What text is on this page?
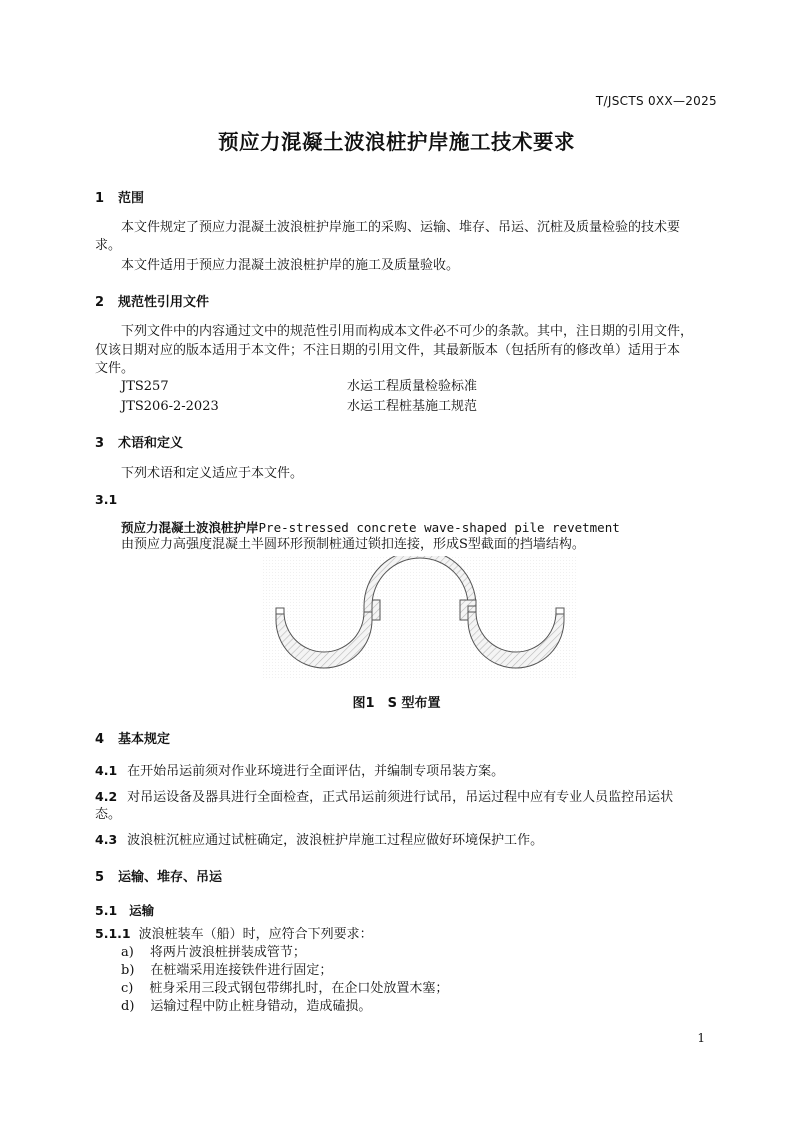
T/JSCTS 0XX—2025
预应力混凝土波浪桩护岸施工技术要求
1 范围
本文件规定了预应力混凝土波浪桩护岸施工的采购、运输、堆存、吊运、沉桩及质量检验的技术要
求。
本文件适用于预应力混凝土波浪桩护岸的施工及质量验收。
2 规范性引用文件
下列文件中的内容通过文中的规范性引用而构成本文件必不可少的条款。其中，注日期的引用文件，
仅该日期对应的版本适用于本文件；不注日期的引用文件，其最新版本（包括所有的修改单）适用于本
文件。
JTS257	水运工程质量检验标准
JTS206-2-2023	水运工程桩基施工规范
3 术语和定义
下列术语和定义适应于本文件。
3.1
预应力混凝土波浪桩护岸Pre-stressed concrete wave-shaped pile revetment
由预应力高强度混凝土半圆环形预制桩通过锁扣连接，形成S型截面的挡墙结构。
图1　S 型布置
4 基本规定
4.1 在开始吊运前须对作业环境进行全面评估，并编制专项吊装方案。
4.2 对吊运设备及器具进行全面检查，正式吊运前须进行试吊，吊运过程中应有专业人员监控吊运状
态。
4.3 波浪桩沉桩应通过试桩确定，波浪桩护岸施工过程应做好环境保护工作。
5 运输、堆存、吊运
5.1 运输
5.1.1 波浪桩装车（船）时，应符合下列要求：
a) 将两片波浪桩拼装成管节；
b) 在桩端采用连接铁件进行固定；
c) 桩身采用三段式钢包带绑扎时，在企口处放置木塞；
d) 运输过程中防止桩身错动，造成磕损。
1
